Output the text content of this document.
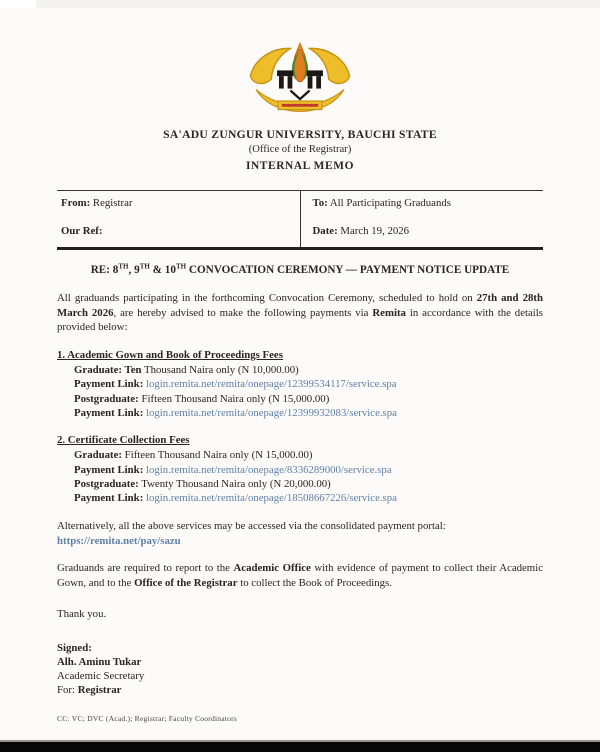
SA'ADU ZUNGUR UNIVERSITY, BAUCHI STATE
(Office of the Registrar)
INTERNAL MEMO
From: Registrar	To: All Participating Graduands
Our Ref:	Date: March 19, 2026
RE: 8TH, 9TH & 10TH CONVOCATION CEREMONY — PAYMENT NOTICE UPDATE
All graduands participating in the forthcoming Convocation Ceremony, scheduled to hold on 27th and 28th March 2026, are hereby advised to make the following payments via Remita in accordance with the details provided below:
1. Academic Gown and Book of Proceedings Fees
Graduate: Ten Thousand Naira only (N 10,000.00)
Payment Link: login.remita.net/remita/onepage/12399534117/service.spa
Postgraduate: Fifteen Thousand Naira only (N 15,000.00)
Payment Link: login.remita.net/remita/onepage/12399932083/service.spa
2. Certificate Collection Fees
Graduate: Fifteen Thousand Naira only (N 15,000.00)
Payment Link: login.remita.net/remita/onepage/8336289000/service.spa
Postgraduate: Twenty Thousand Naira only (N 20,000.00)
Payment Link: login.remita.net/remita/onepage/18508667226/service.spa
Alternatively, all the above services may be accessed via the consolidated payment portal:
https://remita.net/pay/sazu
Graduands are required to report to the Academic Office with evidence of payment to collect their Academic Gown, and to the Office of the Registrar to collect the Book of Proceedings.
Thank you.
Signed:
Alh. Aminu Tukar
Academic Secretary
For: Registrar
CC: VC; DVC (Acad.); Registrar; Faculty Coordinators
